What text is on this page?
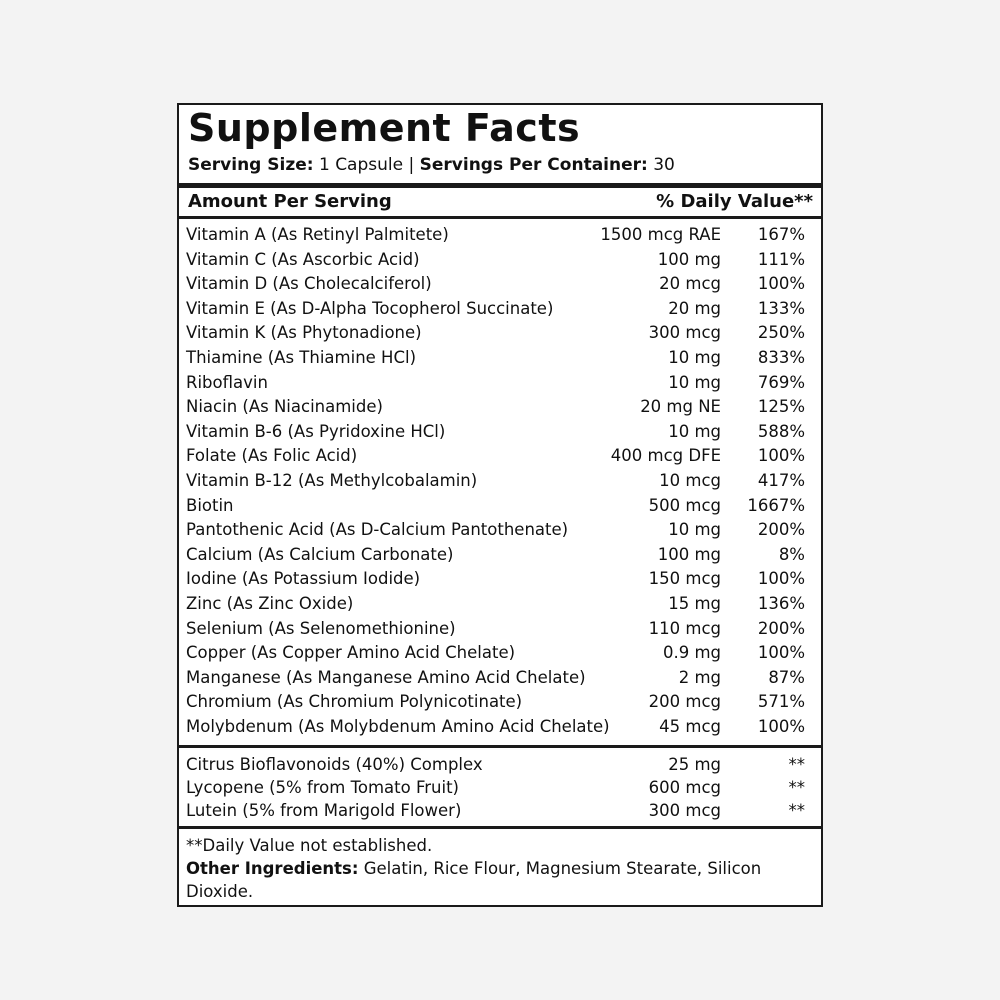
Supplement Facts
Serving Size: 1 Capsule | Servings Per Container: 30
Amount Per Serving	% Daily Value**
Vitamin A (As Retinyl Palmitete)	1500 mcg RAE 167%
Vitamin C (As Ascorbic Acid)	100 mg 111%
Vitamin D (As Cholecalciferol)	20 mcg 100%
Vitamin E (As D-Alpha Tocopherol Succinate)	20 mg 133%
Vitamin K (As Phytonadione)	300 mcg 250%
Thiamine (As Thiamine HCl)	10 mg 833%
Riboflavin	10 mg 769%
Niacin (As Niacinamide)	20 mg NE 125%
Vitamin B-6 (As Pyridoxine HCl)	10 mg 588%
Folate (As Folic Acid)	400 mcg DFE 100%
Vitamin B-12 (As Methylcobalamin)	10 mcg 417%
Biotin	500 mcg 1667%
Pantothenic Acid (As D-Calcium Pantothenate)	10 mg 200%
Calcium (As Calcium Carbonate)	100 mg	8%
Iodine (As Potassium Iodide)	150 mcg 100%
Zinc (As Zinc Oxide)	15 mg 136%
Selenium (As Selenomethionine)	110 mcg 200%
Copper (As Copper Amino Acid Chelate)	0.9 mg 100%
Manganese (As Manganese Amino Acid Chelate)	2 mg	87%
Chromium (As Chromium Polynicotinate)	200 mcg 571%
Molybdenum (As Molybdenum Amino Acid Chelate)	45 mcg 100%
Citrus Bioflavonoids (40%) Complex	25 mg	**
Lycopene (5% from Tomato Fruit)	600 mcg	**
Lutein (5% from Marigold Flower)	300 mcg	**
**Daily Value not established.
Other Ingredients: Gelatin, Rice Flour, Magnesium Stearate, Silicon Dioxide.
